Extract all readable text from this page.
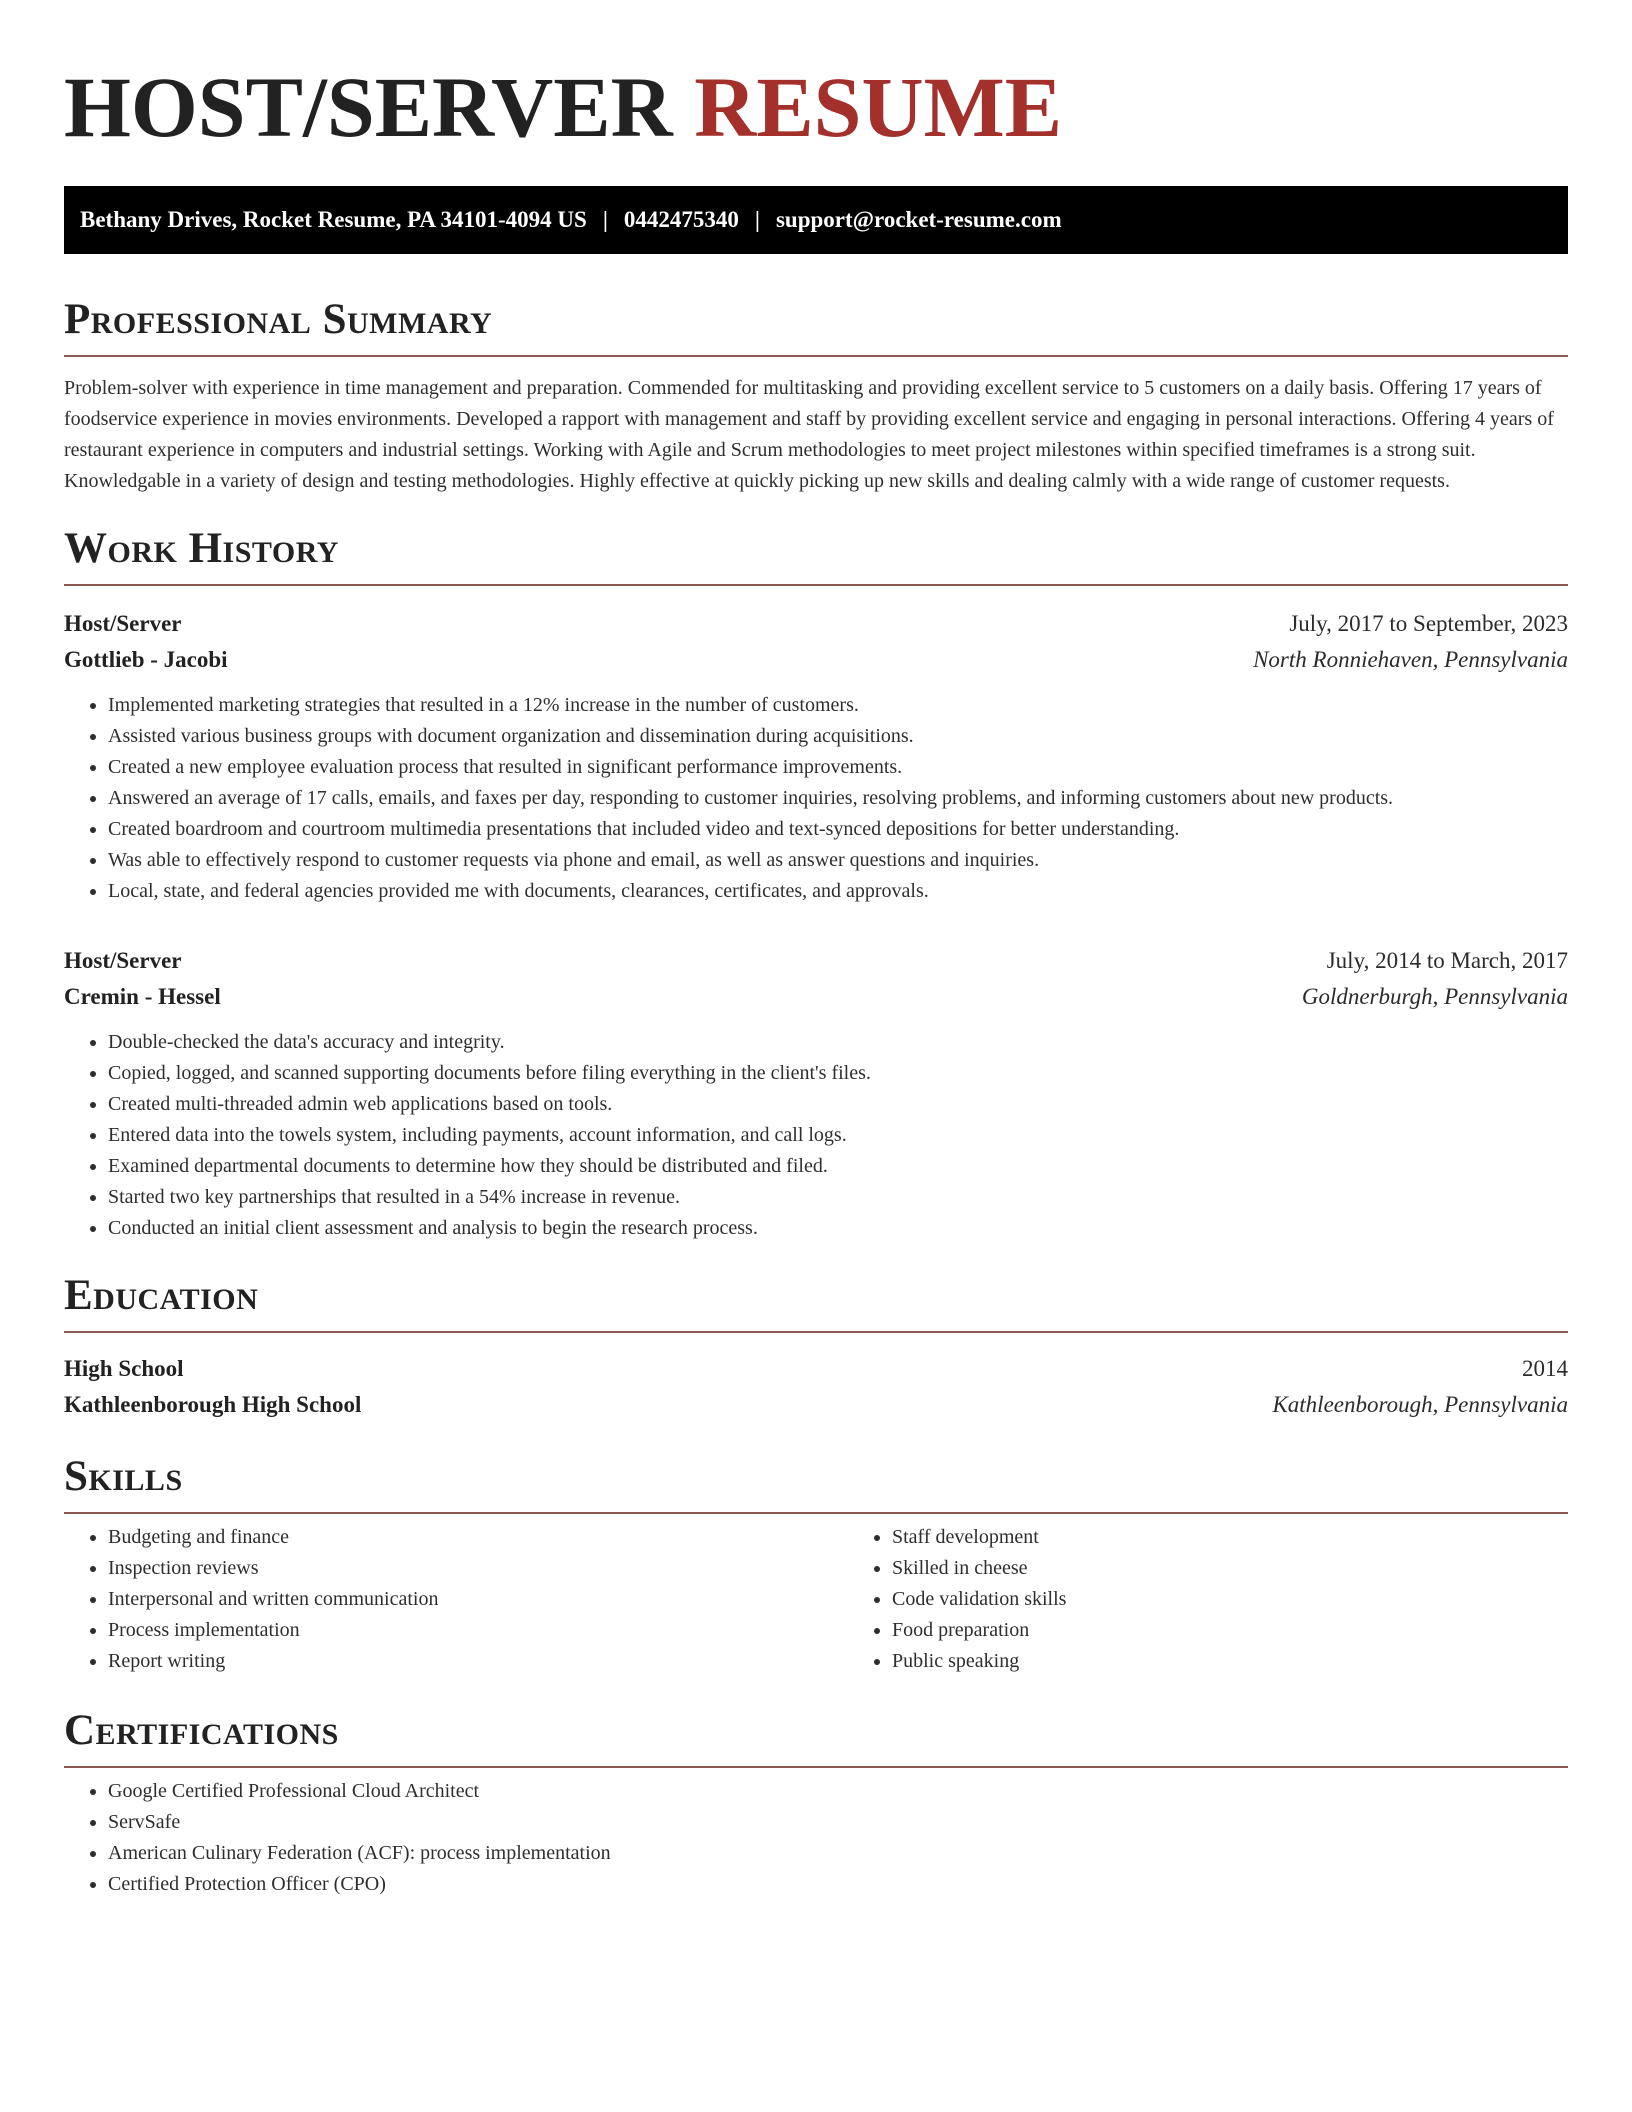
HOST/SERVER RESUME
Bethany Drives, Rocket Resume, PA 34101-4094 US | 0442475340 | support@rocket-resume.com
Professional Summary

Problem-solver with experience in time management and preparation. Commended for multitasking and providing excellent service to 5 customers on a daily basis. Offering 17 years of foodservice experience in movies environments. Developed a rapport with management and staff by providing excellent service and engaging in personal interactions. Offering 4 years of restaurant experience in computers and industrial settings. Working with Agile and Scrum methodologies to meet project milestones within specified timeframes is a strong suit. Knowledgable in a variety of design and testing methodologies. Highly effective at quickly picking up new skills and dealing calmly with a wide range of customer requests.

Work History
Host/Server	July, 2017 to September, 2023
Gottlieb - Jacobi	North Ronniehaven, Pennsylvania
• Implemented marketing strategies that resulted in a 12% increase in the number of customers.
• Assisted various business groups with document organization and dissemination during acquisitions.
• Created a new employee evaluation process that resulted in significant performance improvements.
• Answered an average of 17 calls, emails, and faxes per day, responding to customer inquiries, resolving problems, and informing customers about new products.
• Created boardroom and courtroom multimedia presentations that included video and text-synced depositions for better understanding.
• Was able to effectively respond to customer requests via phone and email, as well as answer questions and inquiries.
• Local, state, and federal agencies provided me with documents, clearances, certificates, and approvals.
Host/Server	July, 2014 to March, 2017
Cremin - Hessel	Goldnerburgh, Pennsylvania
• Double-checked the data's accuracy and integrity.
• Copied, logged, and scanned supporting documents before filing everything in the client's files.
• Created multi-threaded admin web applications based on tools.
• Entered data into the towels system, including payments, account information, and call logs.
• Examined departmental documents to determine how they should be distributed and filed.
• Started two key partnerships that resulted in a 54% increase in revenue.
• Conducted an initial client assessment and analysis to begin the research process.
Education
High School	2014
Kathleenborough High School	Kathleenborough, Pennsylvania
Skills
• Budgeting and finance
• Inspection reviews
• Interpersonal and written communication
• Process implementation
• Report writing
• Staff development
• Skilled in cheese
• Code validation skills
• Food preparation
• Public speaking
Certifications
• Google Certified Professional Cloud Architect
• ServSafe
• American Culinary Federation (ACF): process implementation
• Certified Protection Officer (CPO)
